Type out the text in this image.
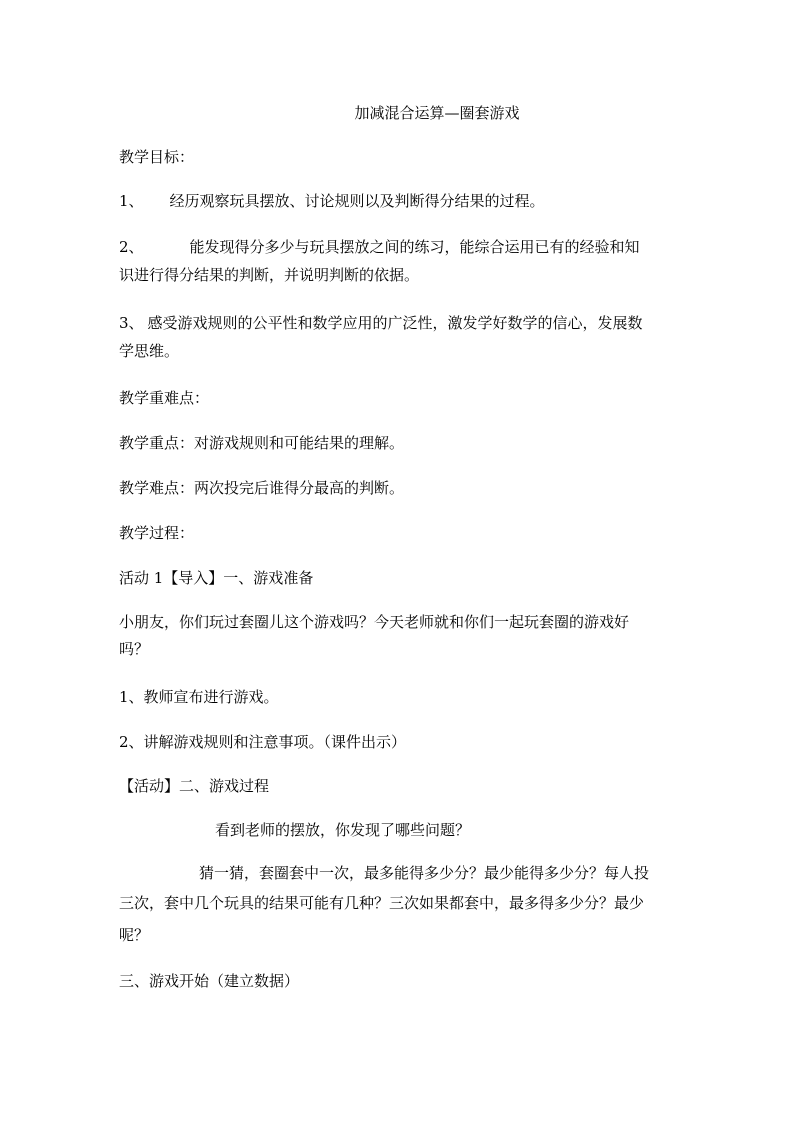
加减混合运算—圈套游戏
教学目标：
1、 经历观察玩具摆放、讨论规则以及判断得分结果的过程。
2、	能发现得分多少与玩具摆放之间的练习，能综合运用已有的经验和知
识进行得分结果的判断，并说明判断的依据。
3、 感受游戏规则的公平性和数学应用的广泛性，激发学好数学的信心，发展数
学思维。
教学重难点：
教学重点：对游戏规则和可能结果的理解。
教学难点：两次投完后谁得分最高的判断。
教学过程：
活动 1【导入】一、游戏准备
小朋友，你们玩过套圈儿这个游戏吗？今天老师就和你们一起玩套圈的游戏好
吗？
1、教师宣布进行游戏。
2、讲解游戏规则和注意事项。（课件出示）
【活动】二、游戏过程
看到老师的摆放，你发现了哪些问题？
猜一猜，套圈套中一次，最多能得多少分？最少能得多少分？每人投
三次，套中几个玩具的结果可能有几种？三次如果都套中，最多得多少分？最少
呢？
三、游戏开始（建立数据）
